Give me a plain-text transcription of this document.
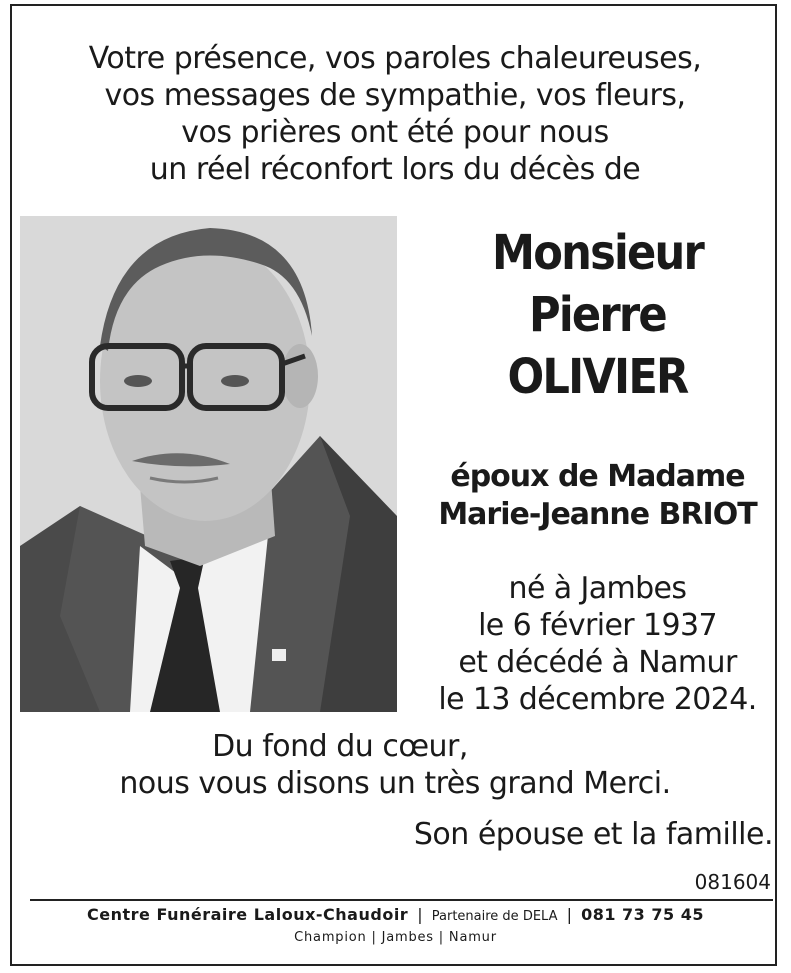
Votre présence, vos paroles chaleureuses,
vos messages de sympathie, vos fleurs,
vos prières ont été pour nous
un réel réconfort lors du décès de
Monsieur
Pierre
OLIVIER
époux de Madame
Marie-Jeanne BRIOT
né à Jambes
le 6 février 1937
et décédé à Namur
le 13 décembre 2024.
Du fond du cœur,
nous vous disons un très grand Merci.
Son épouse et la famille.
081604
Centre Funéraire Laloux-Chaudoir | Partenaire de DELA | 081 73 75 45
Champion | Jambes | Namur
